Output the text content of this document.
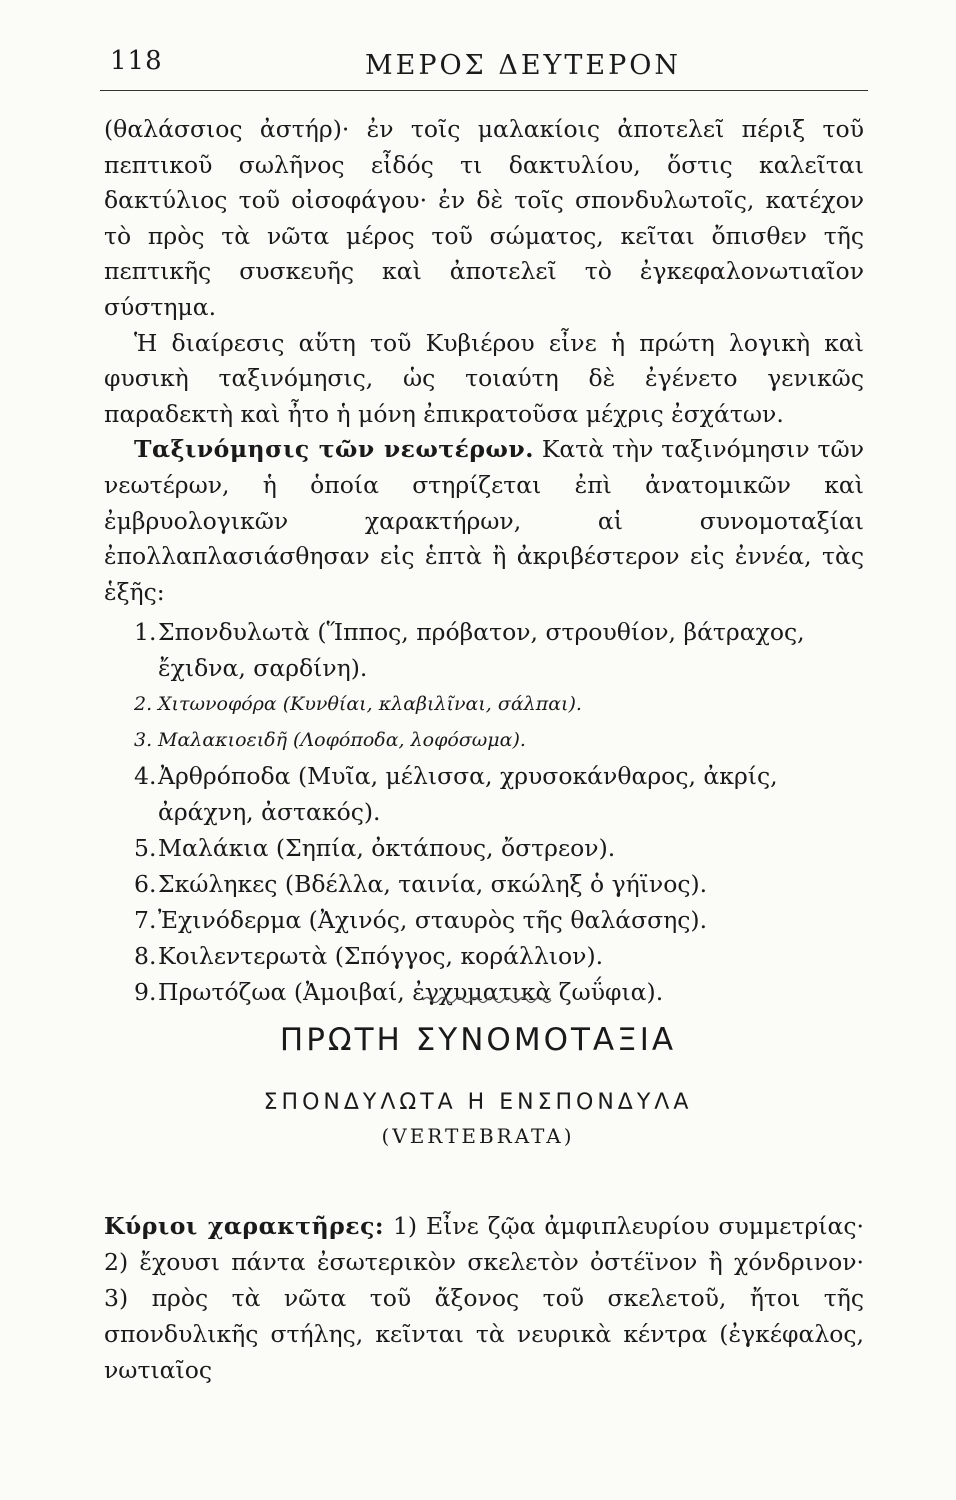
118	ΜΕΡΟΣ ΔΕΥΤΕΡΟΝ

(θαλάσσιος ἀστήρ)· ἐν τοῖς μαλακίοις ἀποτελεῖ πέριξ τοῦ πεπτικοῦ σωλῆνος εἶδός τι δακτυλίου, ὅστις καλεῖται δακτύλιος τοῦ οἰσοφάγου· ἐν δὲ τοῖς σπονδυλωτοῖς, κατέχον τὸ πρὸς τὰ νῶτα μέρος τοῦ σώματος, κεῖται ὄπισθεν τῆς πεπτικῆς συσκευῆς καὶ ἀποτελεῖ τὸ ἐγκεφαλονωτιαῖον σύστημα.

Ἡ διαίρεσις αὕτη τοῦ Κυβιέρου εἶνε ἡ πρώτη λογικὴ καὶ φυσικὴ ταξινόμησις, ὡς τοιαύτη δὲ ἐγένετο γενικῶς παραδεκτὴ καὶ ἦτο ἡ μόνη ἐπικρατοῦσα μέχρις ἐσχάτων.

Ταξινόμησις τῶν νεωτέρων. Κατὰ τὴν ταξινόμησιν τῶν νεωτέρων, ἡ ὁποία στηρίζεται ἐπὶ ἀνατομικῶν καὶ ἐμβρυολογικῶν χαρακτήρων, αἱ συνομοταξίαι ἐπολλαπλασιάσθησαν εἰς ἑπτὰ ἢ ἀκριβέστερον εἰς ἐννέα, τὰς ἑξῆς:

1. Σπονδυλωτὰ (Ἵππος, πρόβατον, στρουθίον, βάτραχος, ἔχιδνα, σαρδίνη).
2. Χιτωνοφόρα (Κυνθίαι, κλαβιλῖναι, σάλπαι).
3. Μαλακιοειδῆ (Λοφόποδα, λοφόσωμα).
4. Ἀρθρόποδα (Μυῖα, μέλισσα, χρυσοκάνθαρος, ἀκρίς, ἀράχνη, ἀστακός).
5. Μαλάκια (Σηπία, ὀκτάπους, ὄστρεον).
6. Σκώληκες (Βδέλλα, ταινία, σκώληξ ὁ γήϊνος).
7. Ἐχινόδερμα (Ἀχινός, σταυρὸς τῆς θαλάσσης).
8. Κοιλεντερωτὰ (Σπόγγος, κοράλλιον).
9. Πρωτόζωα (Ἀμοιβαί, ἐγχυματικὰ ζωΰφια).
ΠΡΩΤΗ ΣΥΝΟΜΟΤΑΞΙΑ
ΣΠΟΝΔΥΛΩΤΑ Η ΕΝΣΠΟΝΔΥΛΑ
(VERTEBRATA)

Κύριοι χαρακτῆρες: 1) Εἶνε ζῷα ἀμφιπλευρίου συμμετρίας· 2) ἔχουσι πάντα ἐσωτερικὸν σκελετὸν ὀστέϊνον ἢ χόνδρινον· 3) πρὸς τὰ νῶτα τοῦ ἄξονος τοῦ σκελετοῦ, ἤτοι τῆς σπονδυλικῆς στήλης, κεῖνται τὰ νευρικὰ κέντρα (ἐγκέφαλος, νωτιαῖος
